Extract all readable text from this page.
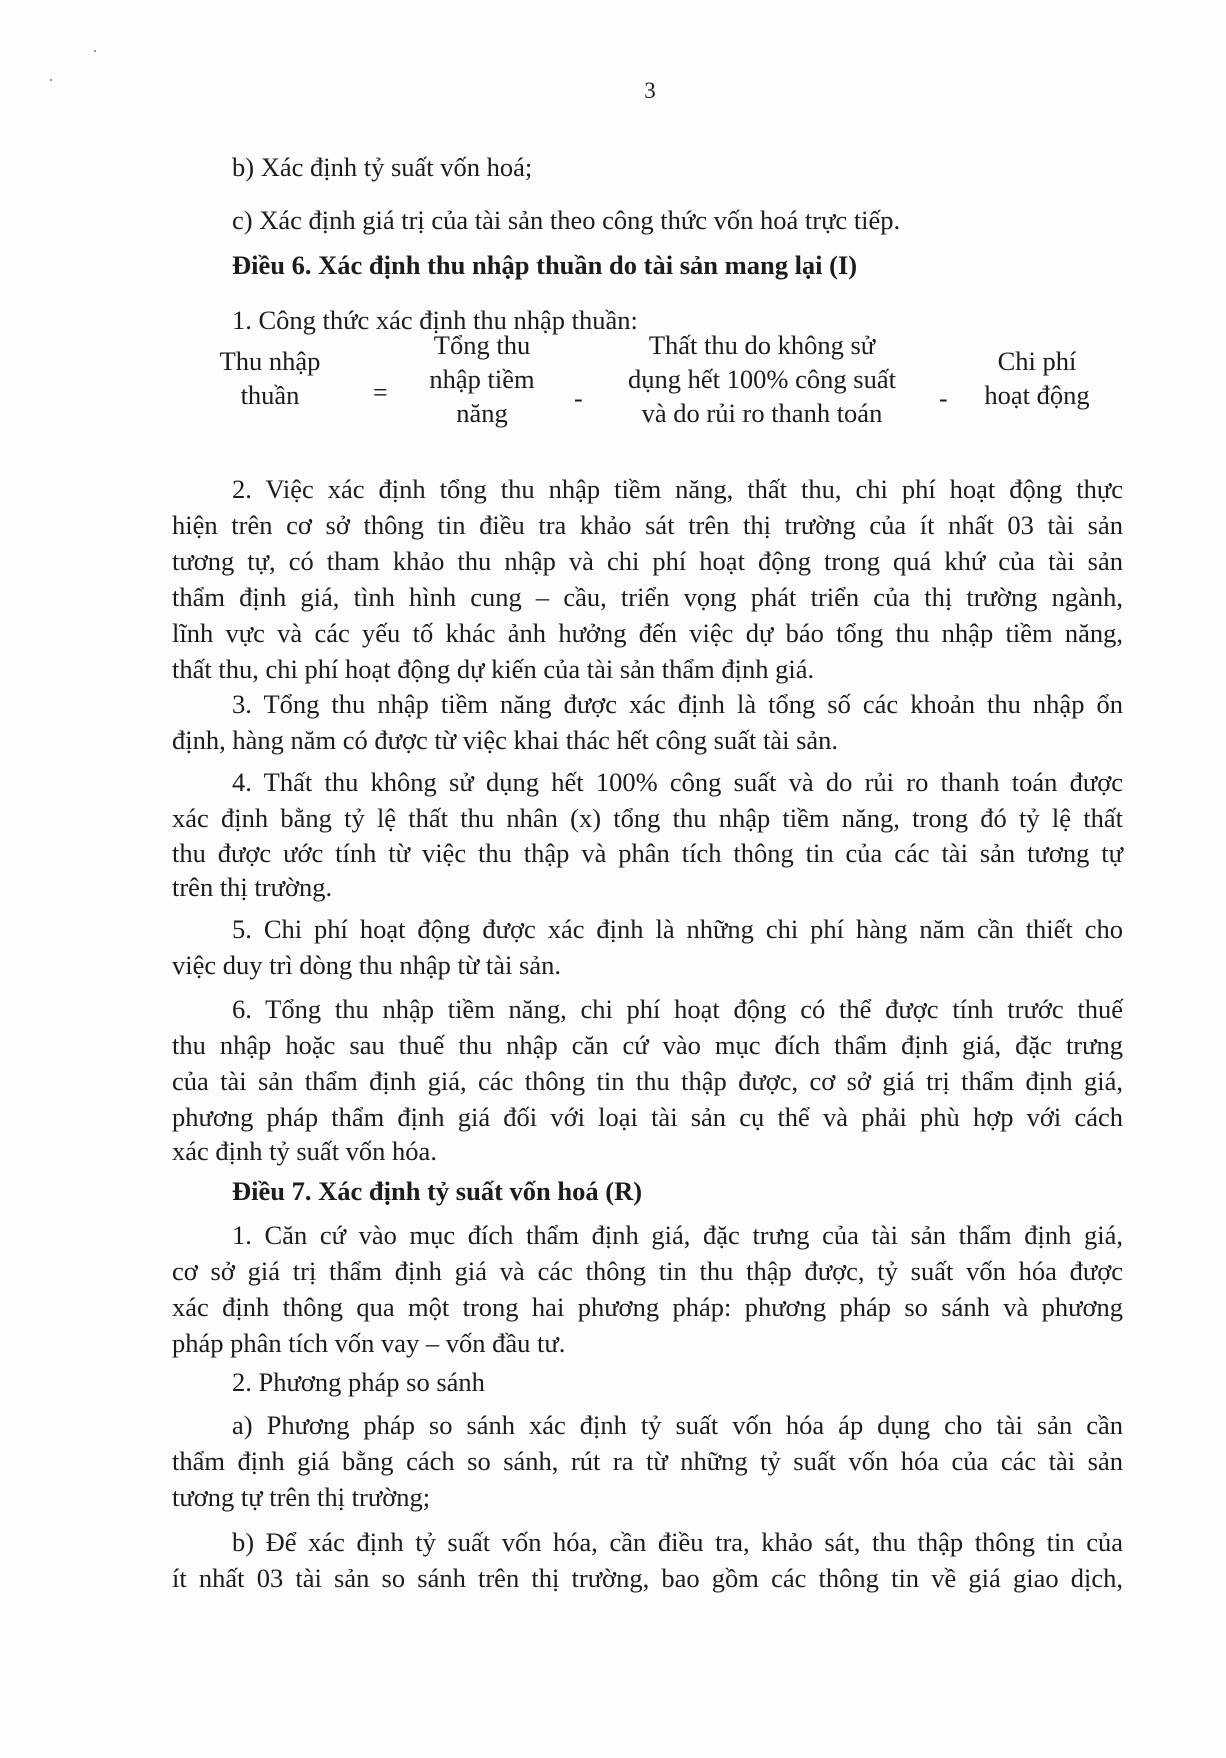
3
b) Xác định tỷ suất vốn hoá;
c) Xác định giá trị của tài sản theo công thức vốn hoá trực tiếp.
Điều 6. Xác định thu nhập thuần do tài sản mang lại (I)
1. Công thức xác định thu nhập thuần:
Thu nhập
thuần	=
Tổng thu
nhập tiềm
năng	-
Thất thu do không sử
dụng hết 100% công suất
và do rủi ro thanh toán	-
Chi phí
hoạt động
2. Việc xác định tổng thu nhập tiềm năng, thất thu, chi phí hoạt động thực
hiện trên cơ sở thông tin điều tra khảo sát trên thị trường của ít nhất 03 tài sản
tương tự, có tham khảo thu nhập và chi phí hoạt động trong quá khứ của tài sản
thẩm định giá, tình hình cung – cầu, triển vọng phát triển của thị trường ngành,
lĩnh vực và các yếu tố khác ảnh hưởng đến việc dự báo tổng thu nhập tiềm năng,
thất thu, chi phí hoạt động dự kiến của tài sản thẩm định giá.
3. Tổng thu nhập tiềm năng được xác định là tổng số các khoản thu nhập ổn
định, hàng năm có được từ việc khai thác hết công suất tài sản.
4. Thất thu không sử dụng hết 100% công suất và do rủi ro thanh toán được
xác định bằng tỷ lệ thất thu nhân (x) tổng thu nhập tiềm năng, trong đó tỷ lệ thất
thu được ước tính từ việc thu thập và phân tích thông tin của các tài sản tương tự
trên thị trường.
5. Chi phí hoạt động được xác định là những chi phí hàng năm cần thiết cho
việc duy trì dòng thu nhập từ tài sản.
6. Tổng thu nhập tiềm năng, chi phí hoạt động có thể được tính trước thuế
thu nhập hoặc sau thuế thu nhập căn cứ vào mục đích thẩm định giá, đặc trưng
của tài sản thẩm định giá, các thông tin thu thập được, cơ sở giá trị thẩm định giá,
phương pháp thẩm định giá đối với loại tài sản cụ thể và phải phù hợp với cách
xác định tỷ suất vốn hóa.
Điều 7. Xác định tỷ suất vốn hoá (R)
1. Căn cứ vào mục đích thẩm định giá, đặc trưng của tài sản thẩm định giá,
cơ sở giá trị thẩm định giá và các thông tin thu thập được, tỷ suất vốn hóa được
xác định thông qua một trong hai phương pháp: phương pháp so sánh và phương
pháp phân tích vốn vay – vốn đầu tư.
2. Phương pháp so sánh
a) Phương pháp so sánh xác định tỷ suất vốn hóa áp dụng cho tài sản cần
thẩm định giá bằng cách so sánh, rút ra từ những tỷ suất vốn hóa của các tài sản
tương tự trên thị trường;
b) Để xác định tỷ suất vốn hóa, cần điều tra, khảo sát, thu thập thông tin của
ít nhất 03 tài sản so sánh trên thị trường, bao gồm các thông tin về giá giao dịch,
